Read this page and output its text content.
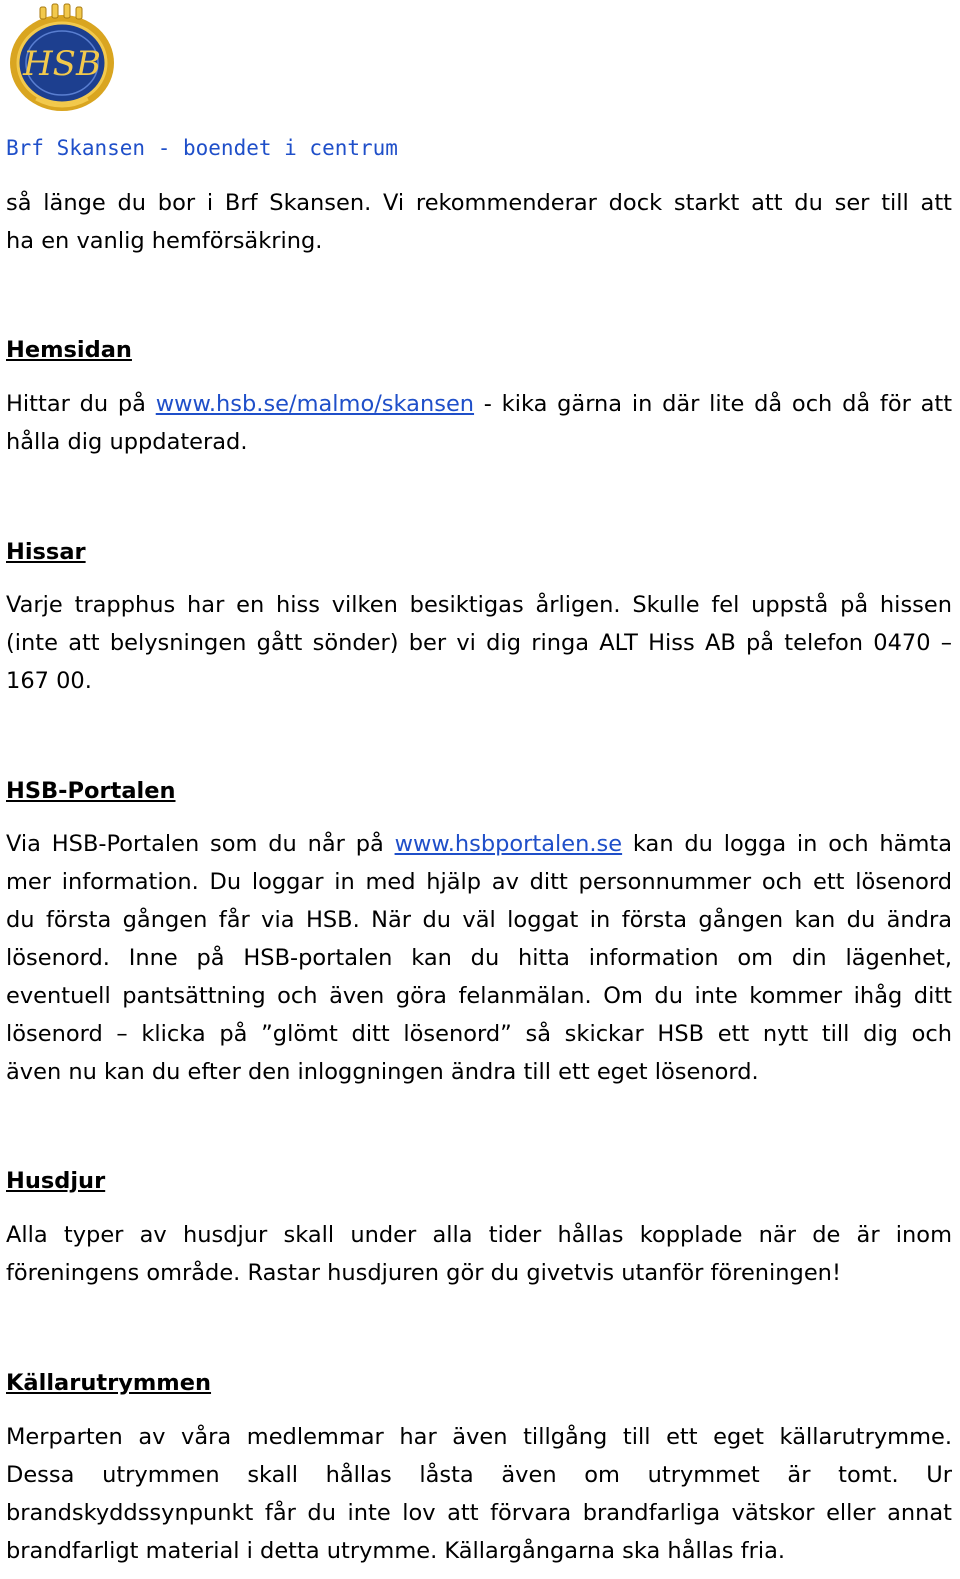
HSB
Brf Skansen - boendet i centrum
så länge du bor i Brf Skansen. Vi rekommenderar dock starkt att du ser till att
ha en vanlig hemförsäkring.
Hemsidan
Hittar du på www.hsb.se/malmo/skansen - kika gärna in där lite då och då för att
hålla dig uppdaterad.
Hissar
Varje trapphus har en hiss vilken besiktigas årligen. Skulle fel uppstå på hissen
(inte att belysningen gått sönder) ber vi dig ringa ALT Hiss AB på telefon 0470 –
167 00.
HSB-Portalen
Via HSB-Portalen som du når på www.hsbportalen.se kan du logga in och hämta
mer information. Du loggar in med hjälp av ditt personnummer och ett lösenord
du första gången får via HSB. När du väl loggat in första gången kan du ändra
lösenord. Inne på HSB-portalen kan du hitta information om din lägenhet,
eventuell pantsättning och även göra felanmälan. Om du inte kommer ihåg ditt
lösenord – klicka på ”glömt ditt lösenord” så skickar HSB ett nytt till dig och
även nu kan du efter den inloggningen ändra till ett eget lösenord.
Husdjur
Alla typer av husdjur skall under alla tider hållas kopplade när de är inom
föreningens område. Rastar husdjuren gör du givetvis utanför föreningen!
Källarutrymmen
Merparten av våra medlemmar har även tillgång till ett eget källarutrymme.
Dessa utrymmen skall hållas låsta även om utrymmet är tomt. Ur
brandskyddssynpunkt får du inte lov att förvara brandfarliga vätskor eller annat
brandfarligt material i detta utrymme. Källargångarna ska hållas fria.
